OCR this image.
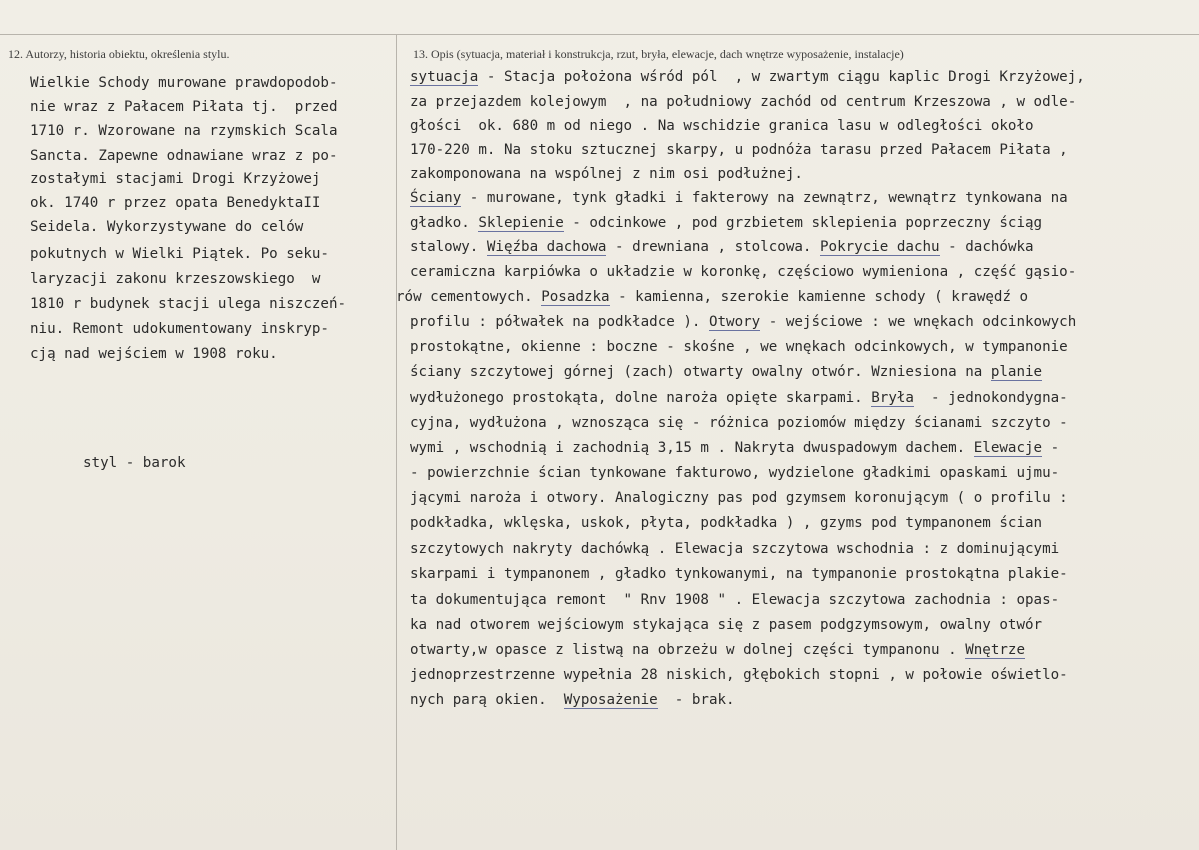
12. Autorzy, historia obiektu, określenia stylu.	13. Opis (sytuacja, materiał i konstrukcja, rzut, bryła, elewacje, dach wnętrze wyposażenie, instalacje)
Wielkie Schody murowane prawdopodob-
nie wraz z Pałacem Piłata tj.  przed
1710 r. Wzorowane na rzymskich Scala
Sancta. Zapewne odnawiane wraz z po-
zostałymi stacjami Drogi Krzyżowej
ok. 1740 r przez opata BenedyktaII
Seidela. Wykorzystywane do celów
pokutnych w Wielki Piątek. Po seku-
laryzacji zakonu krzeszowskiego  w
1810 r budynek stacji ulega niszczeń-
niu. Remont udokumentowany inskryp-
cją nad wejściem w 1908 roku.
styl - barok
sytuacja - Stacja położona wśród pól  , w zwartym ciągu kaplic Drogi Krzyżowej,
za przejazdem kolejowym  , na południowy zachód od centrum Krzeszowa , w odle-
głości  ok. 680 m od niego . Na wschidzie granica lasu w odległości około
170-220 m. Na stoku sztucznej skarpy, u podnóża tarasu przed Pałacem Piłata ,
zakomponowana na wspólnej z nim osi podłużnej.
Ściany - murowane, tynk gładki i fakterowy na zewnątrz, wewnątrz tynkowana na
gładko. Sklepienie - odcinkowe , pod grzbietem sklepienia poprzeczny ściąg
stalowy. Więźba dachowa - drewniana , stolcowa. Pokrycie dachu - dachówka
ceramiczna karpiówka o układzie w koronkę, częściowo wymieniona , część gąsio-
rów cementowych. Posadzka - kamienna, szerokie kamienne schody ( krawędź o
profilu : półwałek na podkładce ). Otwory - wejściowe : we wnękach odcinkowych
prostokątne, okienne : boczne - skośne , we wnękach odcinkowych, w tympanonie
ściany szczytowej górnej (zach) otwarty owalny otwór. Wzniesiona na planie
wydłużonego prostokąta, dolne naroża opięte skarpami. Bryła  - jednokondygna-
cyjna, wydłużona , wznosząca się - różnica poziomów między ścianami szczyto -
wymi , wschodnią i zachodnią 3,15 m . Nakryta dwuspadowym dachem. Elewacje -
- powierzchnie ścian tynkowane fakturowo, wydzielone gładkimi opaskami ujmu-
jącymi naroża i otwory. Analogiczny pas pod gzymsem koronującym ( o profilu :
podkładka, wklęska, uskok, płyta, podkładka ) , gzyms pod tympanonem ścian
szczytowych nakryty dachówką . Elewacja szczytowa wschodnia : z dominującymi
skarpami i tympanonem , gładko tynkowanymi, na tympanonie prostokątna plakie-
ta dokumentująca remont  " Rnv 1908 " . Elewacja szczytowa zachodnia : opas-
ka nad otworem wejściowym stykająca się z pasem podgzymsowym, owalny otwór
otwarty,w opasce z listwą na obrzeżu w dolnej części tympanonu . Wnętrze
jednoprzestrzenne wypełnia 28 niskich, głębokich stopni , w połowie oświetlo-
nych parą okien.  Wyposażenie  - brak.
